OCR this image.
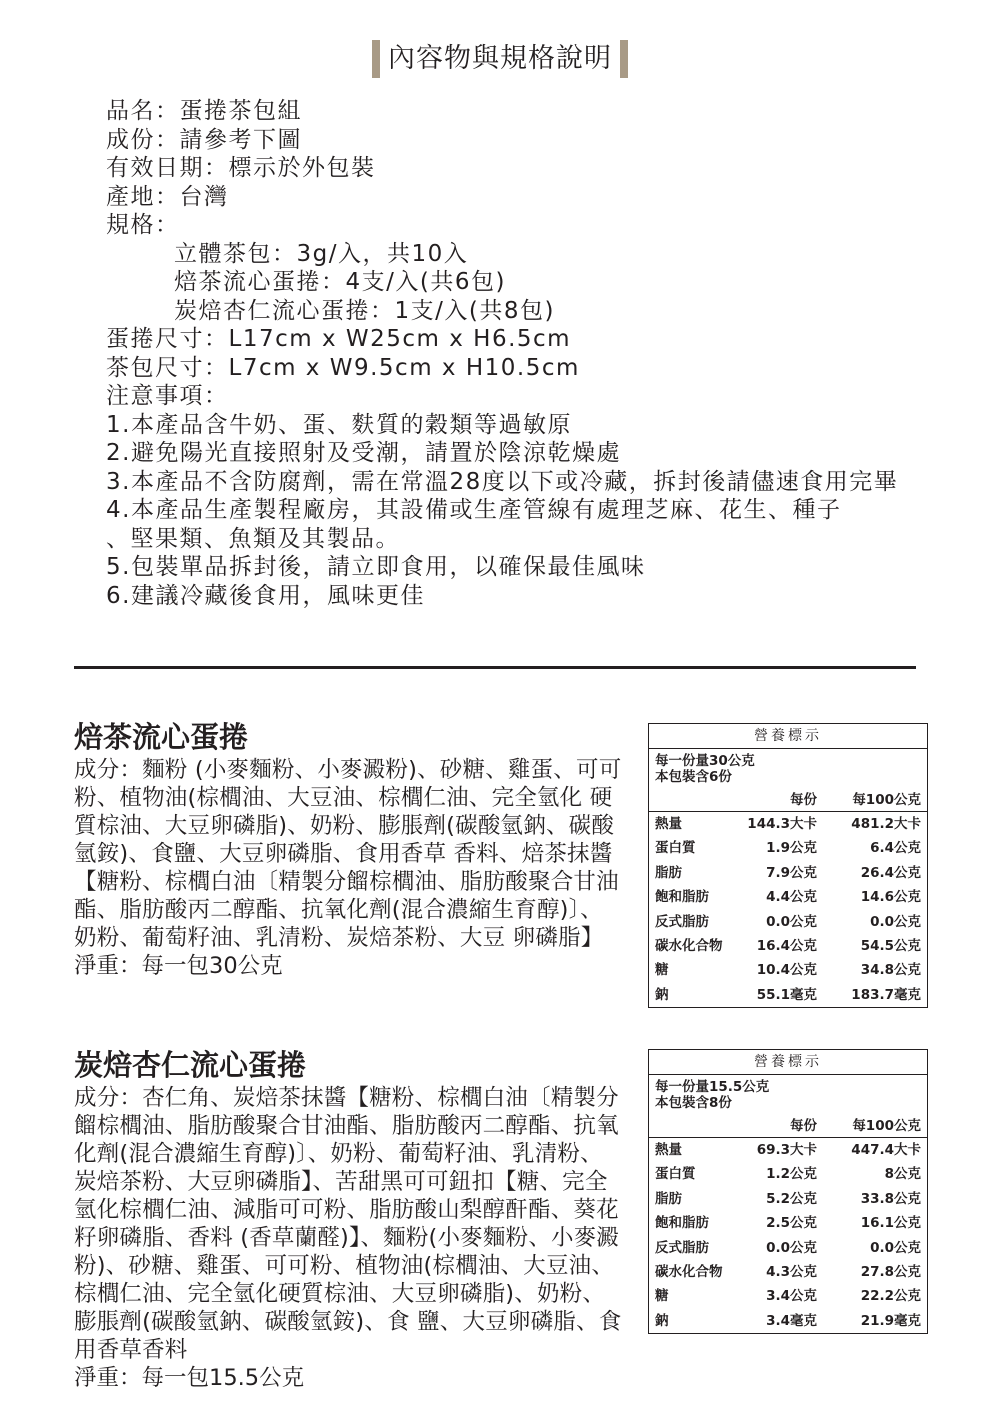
內容物與規格說明
品名：蛋捲茶包組
成份：請參考下圖
有效日期：標示於外包裝
產地：台灣
規格：
立體茶包：3g/入，共10入
焙茶流心蛋捲：4支/入(共6包)
炭焙杏仁流心蛋捲：1支/入(共8包)
蛋捲尺寸：L17cm x W25cm x H6.5cm
茶包尺寸：L7cm x W9.5cm x H10.5cm
注意事項：
1.本產品含牛奶、蛋、麩質的穀類等過敏原
2.避免陽光直接照射及受潮，請置於陰涼乾燥處
3.本產品不含防腐劑，需在常溫28度以下或冷藏，拆封後請儘速食用完畢
4.本產品生產製程廠房，其設備或生產管線有處理芝麻、花生、種子
、堅果類、魚類及其製品。
5.包裝單品拆封後，請立即食用，以確保最佳風味
6.建議冷藏後食用，風味更佳
焙茶流心蛋捲
成分：麵粉 (小麥麵粉、小麥澱粉)、砂糖、雞蛋、可可粉、植物油(棕櫚油、大豆油、棕櫚仁油、完全氫化 硬質棕油、大豆卵磷脂)、奶粉、膨脹劑(碳酸氫鈉、碳酸氫銨)、食鹽、大豆卵磷脂、食用香草 香料、焙茶抹醬【糖粉、棕櫚白油〔精製分餾棕櫚油、脂肪酸聚合甘油酯、脂肪酸丙二醇酯、抗氧化劑(混合濃縮生育醇)〕、奶粉、葡萄籽油、乳清粉、炭焙茶粉、大豆 卵磷脂】
淨重：每一包30公克
營養標示
每一份量30公克
本包裝含6份
每份	每100公克
熱量	144.3大卡	481.2大卡
蛋白質	1.9公克	6.4公克
脂肪	7.9公克	26.4公克
飽和脂肪	4.4公克	14.6公克
反式脂肪	0.0公克	0.0公克
碳水化合物	16.4公克	54.5公克
糖	10.4公克	34.8公克
鈉	55.1毫克	183.7毫克
炭焙杏仁流心蛋捲
成分：杏仁角、炭焙茶抹醬【糖粉、棕櫚白油〔精製分餾棕櫚油、脂肪酸聚合甘油酯、脂肪酸丙二醇酯、抗氧化劑(混合濃縮生育醇)〕、奶粉、葡萄籽油、乳清粉、炭焙茶粉、大豆卵磷脂】、苦甜黑可可鈕扣【糖、完全氫化棕櫚仁油、減脂可可粉、脂肪酸山梨醇酐酯、葵花籽卵磷脂、香料 (香草蘭醛)】、麵粉(小麥麵粉、小麥澱粉)、砂糖、雞蛋、可可粉、植物油(棕櫚油、大豆油、棕櫚仁油、完全氫化硬質棕油、大豆卵磷脂)、奶粉、膨脹劑(碳酸氫鈉、碳酸氫銨)、食 鹽、大豆卵磷脂、食用香草香料
淨重：每一包15.5公克
營養標示
每一份量15.5公克
本包裝含8份
每份	每100公克
熱量	69.3大卡	447.4大卡
蛋白質	1.2公克	8公克
脂肪	5.2公克	33.8公克
飽和脂肪	2.5公克	16.1公克
反式脂肪	0.0公克	0.0公克
碳水化合物	4.3公克	27.8公克
糖	3.4公克	22.2公克
鈉	3.4毫克	21.9毫克
